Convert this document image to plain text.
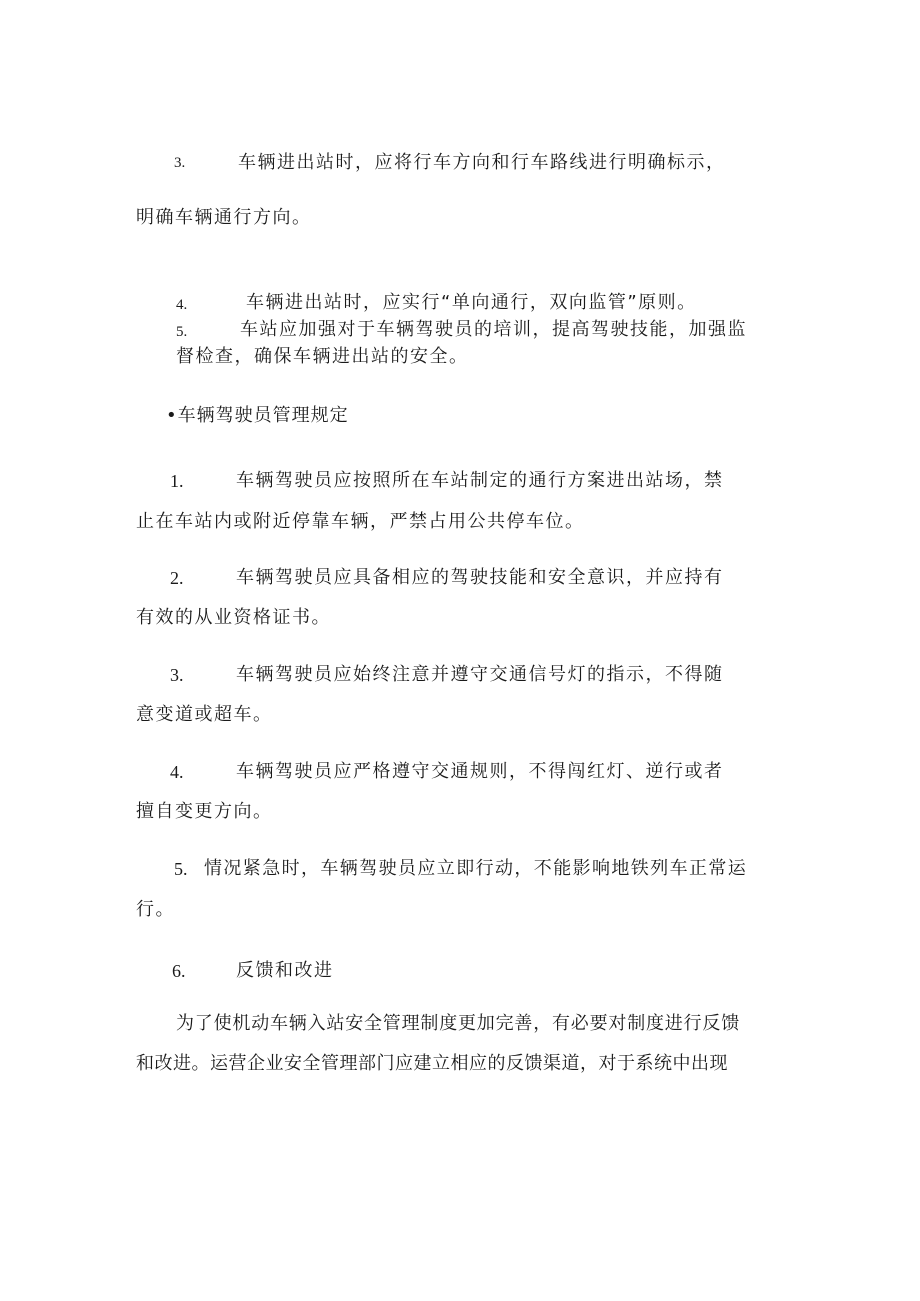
3.	车辆进出站时，应将行车方向和行车路线进行明确标示，
明确车辆通行方向。
4.	车辆进出站时，应实行“单向通行，双向监管”原则。
5.	车站应加强对于车辆驾驶员的培训，提高驾驶技能，加强监
督检查，确保车辆进出站的安全。
•车辆驾驶员管理规定
1.	车辆驾驶员应按照所在车站制定的通行方案进出站场，禁
止在车站内或附近停靠车辆，严禁占用公共停车位。
2.	车辆驾驶员应具备相应的驾驶技能和安全意识，并应持有
有效的从业资格证书。
3.	车辆驾驶员应始终注意并遵守交通信号灯的指示，不得随
意变道或超车。
4.	车辆驾驶员应严格遵守交通规则，不得闯红灯、逆行或者
擅自变更方向。
5. 情况紧急时，车辆驾驶员应立即行动，不能影响地铁列车正常运
行。
6.	反馈和改进
为了使机动车辆入站安全管理制度更加完善，有必要对制度进行反馈
和改进。运营企业安全管理部门应建立相应的反馈渠道，对于系统中出现
